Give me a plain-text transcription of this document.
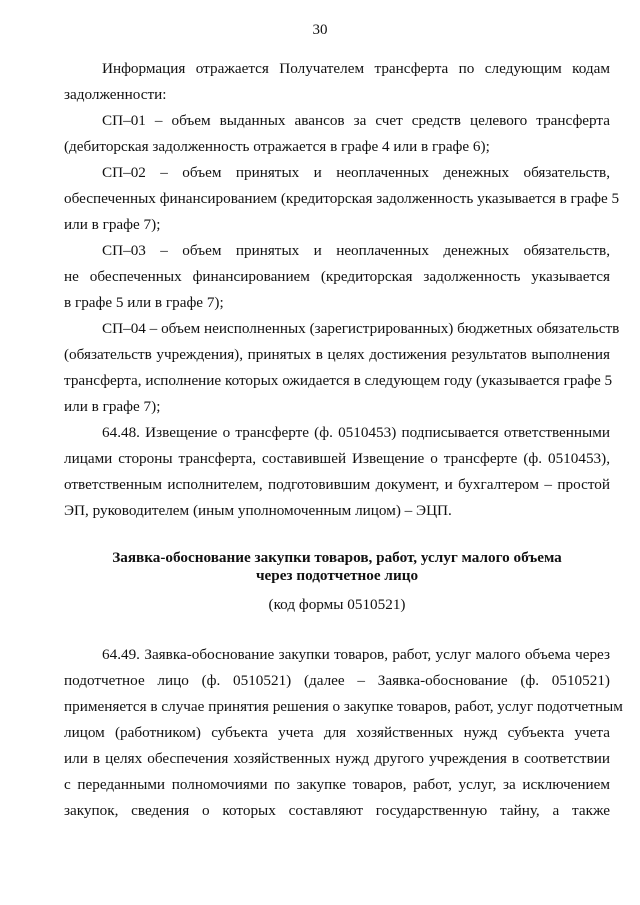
30
Информация отражается Получателем трансферта по следующим кодам
задолженности:
СП–01 – объем выданных авансов за счет средств целевого трансферта
(дебиторская задолженность отражается в графе 4 или в графе 6);
СП–02 – объем принятых и неоплаченных денежных обязательств,
обеспеченных финансированием (кредиторская задолженность указывается в графе 5
или в графе 7);
СП–03 – объем принятых и неоплаченных денежных обязательств,
не обеспеченных финансированием (кредиторская задолженность указывается
в графе 5 или в графе 7);
СП–04 – объем неисполненных (зарегистрированных) бюджетных обязательств
(обязательств учреждения), принятых в целях достижения результатов выполнения
трансферта, исполнение которых ожидается в следующем году (указывается графе 5
или в графе 7);
64.48. Извещение о трансферте (ф. 0510453) подписывается ответственными
лицами стороны трансферта, составившей Извещение о трансферте (ф. 0510453),
ответственным исполнителем, подготовившим документ, и бухгалтером – простой
ЭП, руководителем (иным уполномоченным лицом) – ЭЦП.
Заявка-обоснование закупки товаров, работ, услуг малого объема
через подотчетное лицо
(код формы 0510521)
64.49. Заявка-обоснование закупки товаров, работ, услуг малого объема через
подотчетное лицо (ф. 0510521) (далее – Заявка-обоснование (ф. 0510521)
применяется в случае принятия решения о закупке товаров, работ, услуг подотчетным
лицом (работником) субъекта учета для хозяйственных нужд субъекта учета
или в целях обеспечения хозяйственных нужд другого учреждения в соответствии
с переданными полномочиями по закупке товаров, работ, услуг, за исключением
закупок, сведения о которых составляют государственную тайну, а также
